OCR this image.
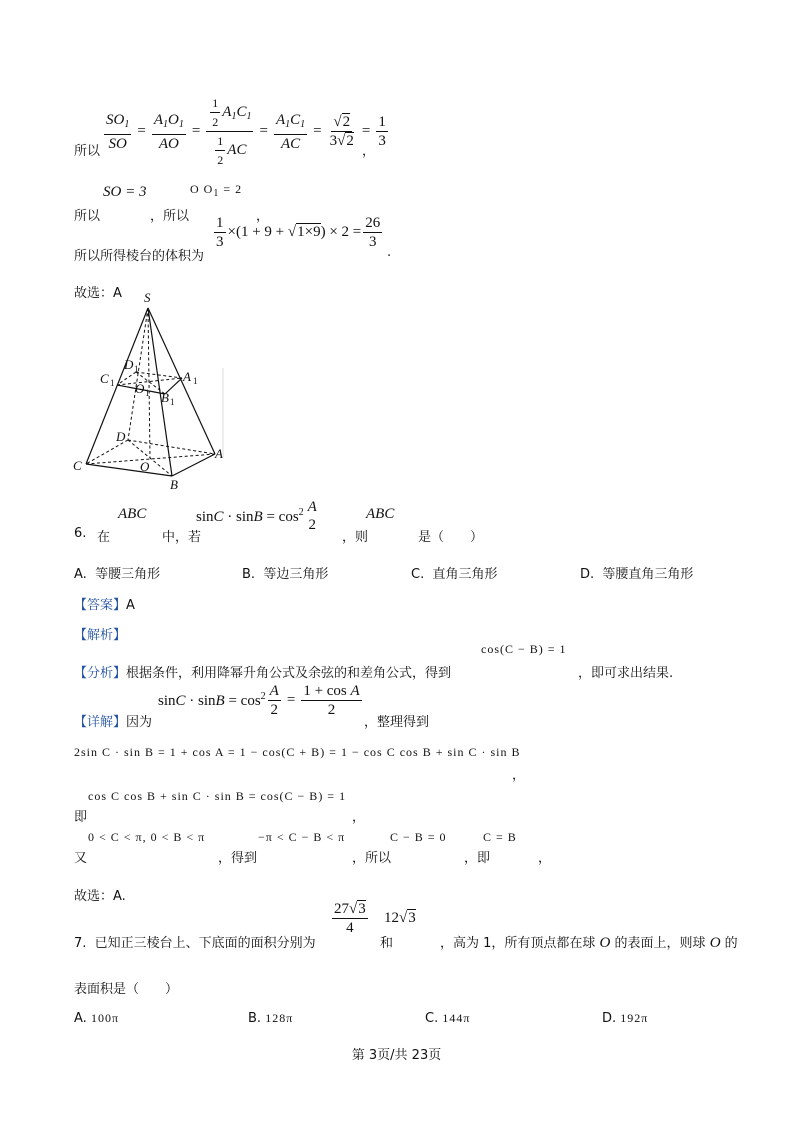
$\frac{SO_1}{SO} = \frac{A_1O_1}{AO} = \frac{\frac{1}{2} A_1C_1}{\frac{1}{2} AC} = \frac{A_1C_1}{AC} = \frac{√2}{3√2} = \frac{1}{3}$
所以	，
SO = 3	O $O_1 = 2$
所以	，所以	，
$\frac{1}{3} \times(1 + 9 + √1\times 9) \times 2 = \frac{26}{3}$
所以所得棱台的体积为	.
故选：A S
D 1
C 1	A 1
O 1 B 1
D
C	O
A
B
ABC	ABC
$\sin C \cdot \sin B = \cos^2 A$
2
6. 在	中，若	，则	是（　　）
A. 等腰三角形	B. 等边三角形	C. 直角三角形	D. 等腰直角三角形
【答案】A
【解析】
cos(C − B) = 1
【分析】根据条件，利用降幂升角公式及余弦的和差角公式，得到	，即可求出结果.
$\sin C \cdot \sin B = \cos^2 \frac{A}{2} = \frac{\text{1 + cos A}}{2}$
【详解】因为	，整理得到
2sin C · sin B = 1 + cos A = 1 − cos(C + B) = 1 − cos C cos B + sin C · sin B
，
cos C cos B + sin C · sin B = cos(C − B) = 1
即	，
0 < C < π, 0 < B < π	−π < C − B < π	C − B = 0	C = B
又	，得到	，所以	，即	，
故选：A.
$\frac{27√3}{4} 12√3$
7. 已知正三棱台上、下底面的面积分别为	和	，高为 1，所有顶点都在球 O 的表面上，则球 O 的
表面积是（　　）
A. 100π	B. 128π	C. 144π	D. 192π
第 3页/共 23页
